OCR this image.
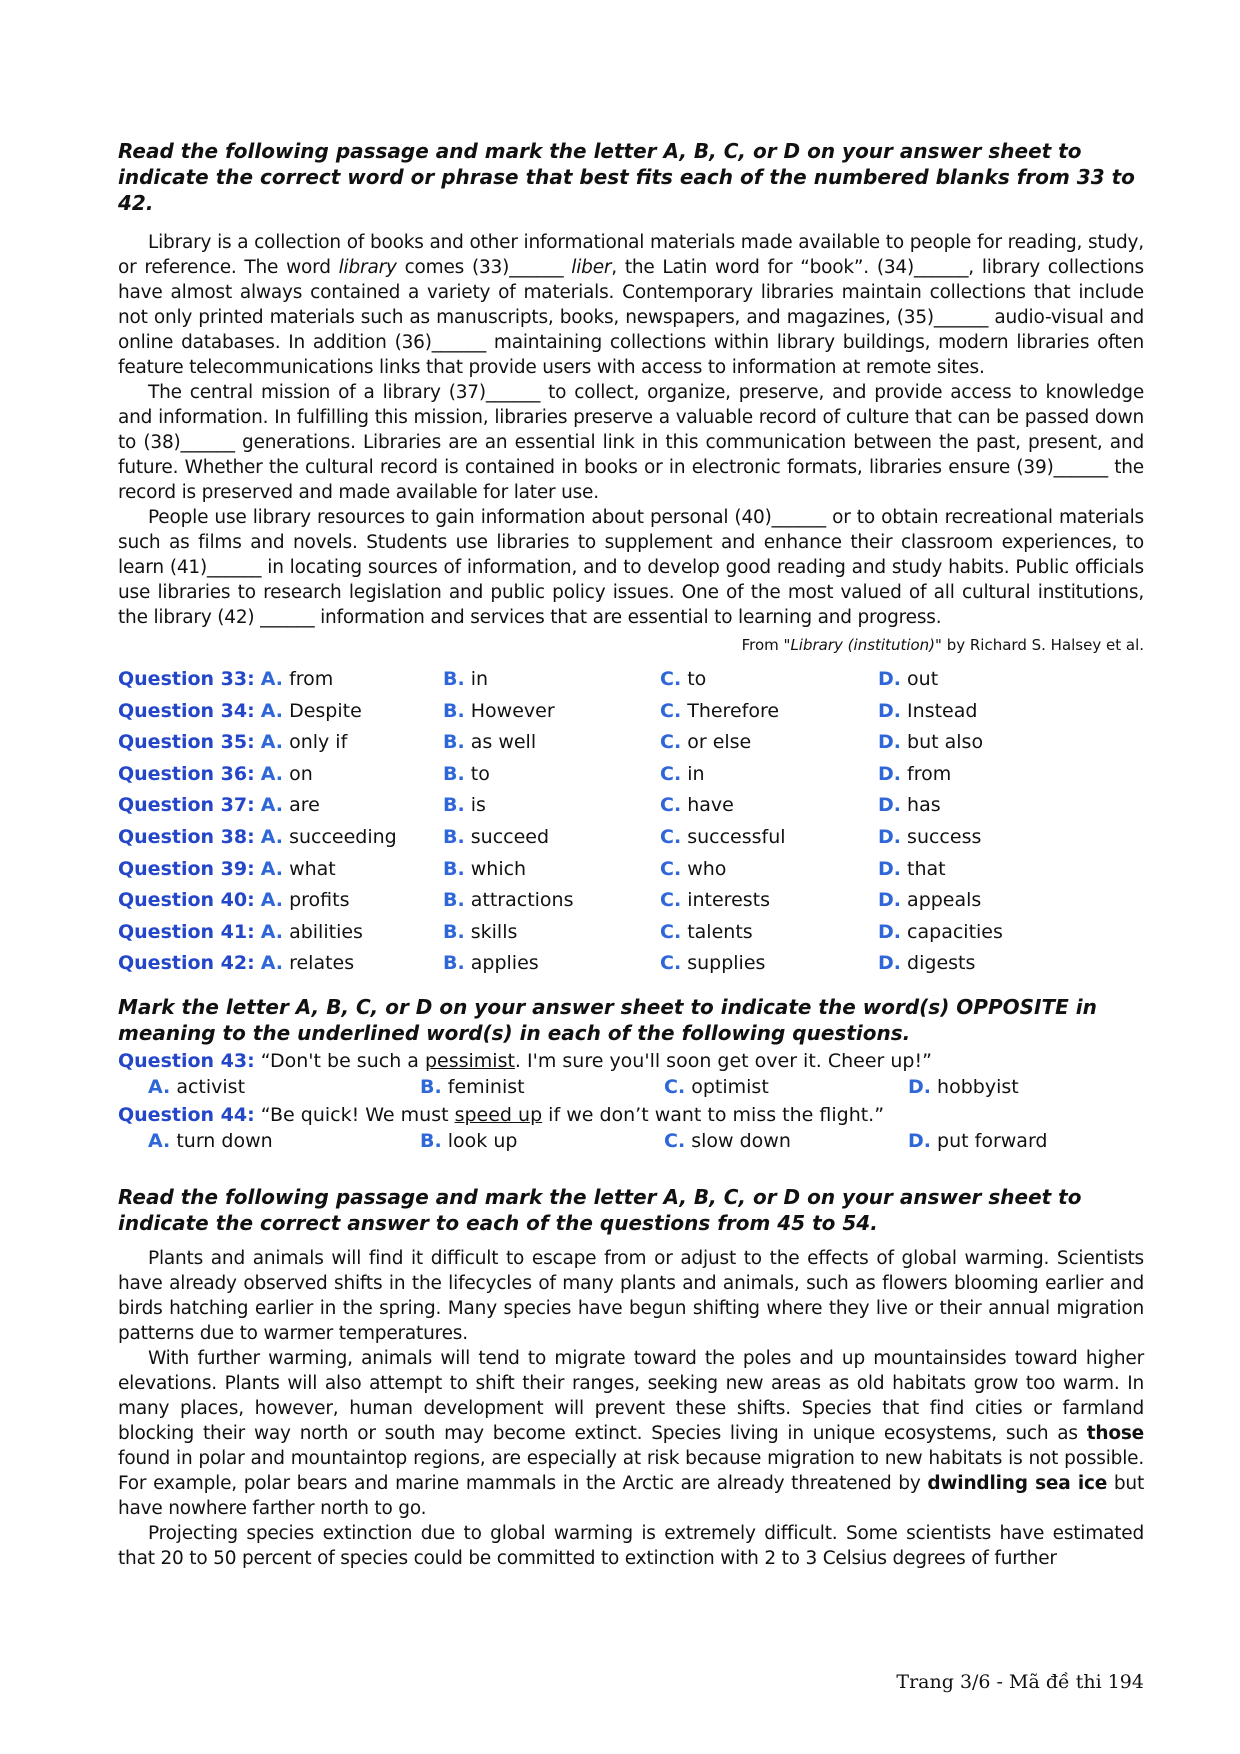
Read the following passage and mark the letter A, B, C, or D on your answer sheet to indicate the correct word or phrase that best fits each of the numbered blanks from 33 to 42.

Library is a collection of books and other informational materials made available to people for reading, study, or reference. The word library comes (33)______ liber, the Latin word for “book”. (34)______, library collections have almost always contained a variety of materials. Contemporary libraries maintain collections that include not only printed materials such as manuscripts, books, newspapers, and magazines, (35)______ audio-visual and online databases. In addition (36)______ maintaining collections within library buildings, modern libraries often feature telecommunications links that provide users with access to information at remote sites.

The central mission of a library (37)______ to collect, organize, preserve, and provide access to knowledge and information. In fulfilling this mission, libraries preserve a valuable record of culture that can be passed down to (38)______ generations. Libraries are an essential link in this communication between the past, present, and future. Whether the cultural record is contained in books or in electronic formats, libraries ensure (39)______ the record is preserved and made available for later use.

People use library resources to gain information about personal (40)______ or to obtain recreational materials such as films and novels. Students use libraries to supplement and enhance their classroom experiences, to learn (41)______ in locating sources of information, and to develop good reading and study habits. Public officials use libraries to research legislation and public policy issues. One of the most valued of all cultural institutions, the library (42) ______ information and services that are essential to learning and progress.

From "Library (institution)" by Richard S. Halsey et al.
Question 33: A. from	B. in	C. to	D. out
Question 34: A. Despite	B. However	C. Therefore	D. Instead
Question 35: A. only if	B. as well	C. or else	D. but also
Question 36: A. on	B. to	C. in	D. from
Question 37: A. are	B. is	C. have	D. has
Question 38: A. succeeding	B. succeed	C. successful	D. success
Question 39: A. what	B. which	C. who	D. that
Question 40: A. profits	B. attractions	C. interests	D. appeals
Question 41: A. abilities	B. skills	C. talents	D. capacities
Question 42: A. relates	B. applies	C. supplies	D. digests

Mark the letter A, B, C, or D on your answer sheet to indicate the word(s) OPPOSITE in meaning to the underlined word(s) in each of the following questions.

Question 43: “Don't be such a pessimist. I'm sure you'll soon get over it. Cheer up!”
A. activist	B. feminist	C. optimist	D. hobbyist
Question 44: “Be quick! We must speed up if we don’t want to miss the flight.”
A. turn down	B. look up	C. slow down	D. put forward

Read the following passage and mark the letter A, B, C, or D on your answer sheet to indicate the correct answer to each of the questions from 45 to 54.

Plants and animals will find it difficult to escape from or adjust to the effects of global warming. Scientists have already observed shifts in the lifecycles of many plants and animals, such as flowers blooming earlier and birds hatching earlier in the spring. Many species have begun shifting where they live or their annual migration patterns due to warmer temperatures.

With further warming, animals will tend to migrate toward the poles and up mountainsides toward higher elevations. Plants will also attempt to shift their ranges, seeking new areas as old habitats grow too warm. In many places, however, human development will prevent these shifts. Species that find cities or farmland blocking their way north or south may become extinct. Species living in unique ecosystems, such as those found in polar and mountaintop regions, are especially at risk because migration to new habitats is not possible. For example, polar bears and marine mammals in the Arctic are already threatened by dwindling sea ice but have nowhere farther north to go.

Projecting species extinction due to global warming is extremely difficult. Some scientists have estimated that 20 to 50 percent of species could be committed to extinction with 2 to 3 Celsius degrees of further

Trang 3/6 - Mã đề thi 194
